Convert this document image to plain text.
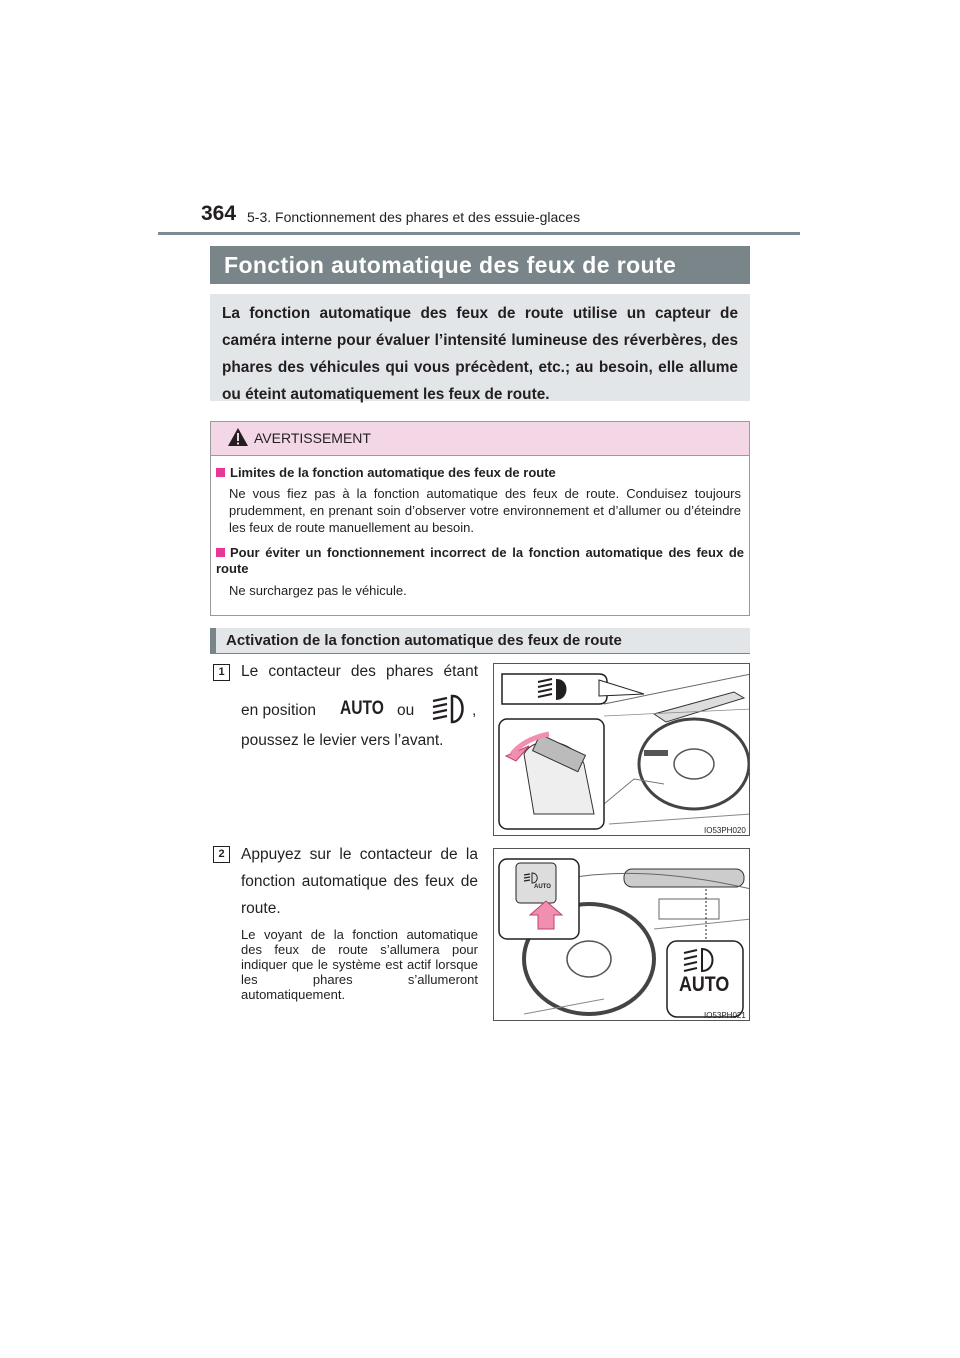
364 5-3. Fonctionnement des phares et des essuie-glaces
Fonction automatique des feux de route

La fonction automatique des feux de route utilise un capteur de caméra interne pour évaluer l’intensité lumineuse des réverbères, des phares des véhicules qui vous précèdent, etc.; au besoin, elle allume ou éteint automatiquement les feux de route.

AVERTISSEMENT
Limites de la fonction automatique des feux de route
Ne vous fiez pas à la fonction automatique des feux de route. Conduisez toujours prudemment, en prenant soin d’observer votre environnement et d’allumer ou d’éteindre les feux de route manuellement au besoin.
Pour éviter un fonctionnement incorrect de la fonction automatique des feux de route
Ne surchargez pas le véhicule.
Activation de la fonction automatique des feux de route
1	Le contacteur des phares étant
en position AUTO ou	,
poussez le levier vers l’avant.
IO53PH020
2	Appuyez sur le contacteur de la fonction automatique des feux de route.
Le voyant de la fonction automatique des feux de route s’allumera pour indiquer que le système est actif lorsque les phares s’allumeront automatiquement.
AUTO
AUTO
IO53PH021
